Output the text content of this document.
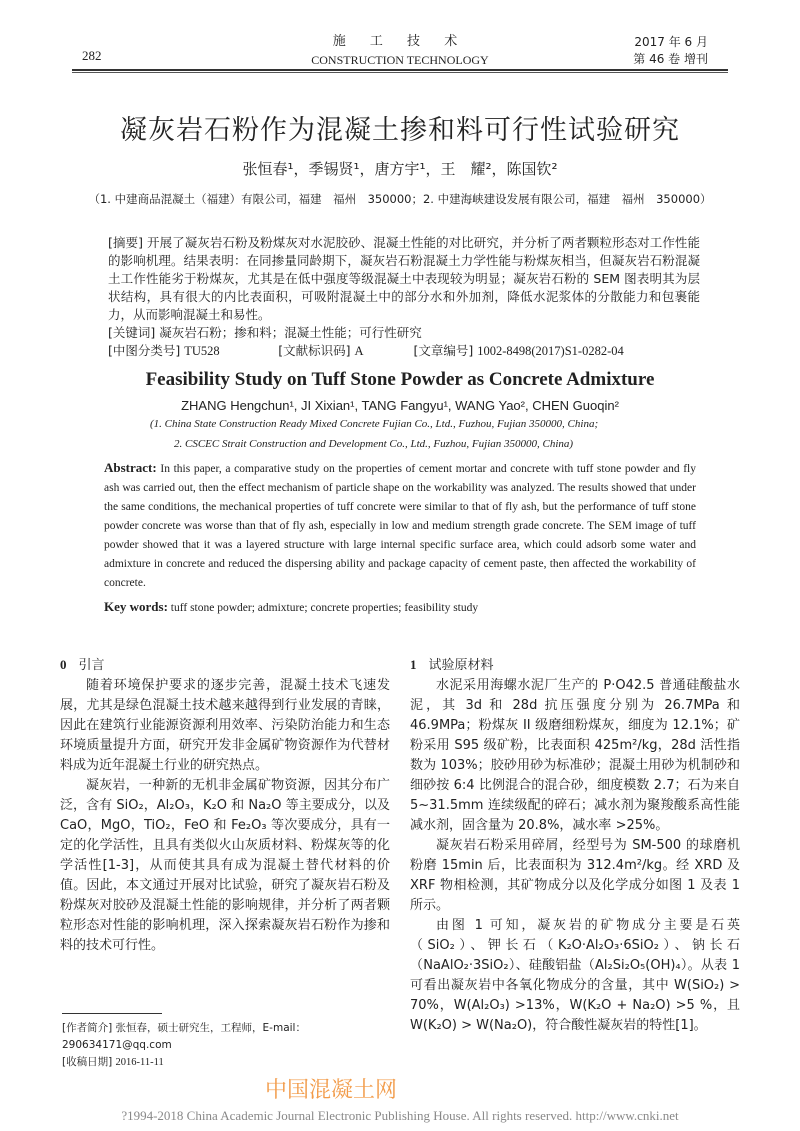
282
施 工 技 术
CONSTRUCTION TECHNOLOGY
2017 年 6 月
第 46 卷 增刊
凝灰岩石粉作为混凝土掺和料可行性试验研究
张恒春¹，季锡贤¹，唐方宇¹，王　耀²，陈国钦²
（1. 中建商品混凝土（福建）有限公司，福建　福州　350000；2. 中建海峡建设发展有限公司，福建　福州　350000）
[摘要] 开展了凝灰岩石粉及粉煤灰对水泥胶砂、混凝土性能的对比研究，并分析了两者颗粒形态对工作性能的影响机理。结果表明：在同掺量同龄期下，凝灰岩石粉混凝土力学性能与粉煤灰相当，但凝灰岩石粉混凝土工作性能劣于粉煤灰，尤其是在低中强度等级混凝土中表现较为明显；凝灰岩石粉的 SEM 图表明其为层状结构，具有很大的内比表面积，可吸附混凝土中的部分水和外加剂，降低水泥浆体的分散能力和包裹能力，从而影响混凝土和易性。
[关键词] 凝灰岩石粉；掺和料；混凝土性能；可行性研究
[中图分类号] TU528	[文献标识码] A	[文章编号] 1002-8498(2017)S1-0282-04
Feasibility Study on Tuff Stone Powder as Concrete Admixture
ZHANG Hengchun¹, JI Xixian¹, TANG Fangyu¹, WANG Yao², CHEN Guoqin²
(1. China State Construction Ready Mixed Concrete Fujian Co., Ltd., Fuzhou, Fujian 350000, China;
2. CSCEC Strait Construction and Development Co., Ltd., Fuzhou, Fujian 350000, China)
Abstract: In this paper, a comparative study on the properties of cement mortar and concrete with tuff stone powder and fly ash was carried out, then the effect mechanism of particle shape on the workability was analyzed. The results showed that under the same conditions, the mechanical properties of tuff concrete were similar to that of fly ash, but the performance of tuff stone powder concrete was worse than that of fly ash, especially in low and medium strength grade concrete. The SEM image of tuff powder showed that it was a layered structure with large internal specific surface area, which could adsorb some water and admixture in concrete and reduced the dispersing ability and package capacity of cement paste, then affected the workability of concrete.
Key words: tuff stone powder; admixture; concrete properties; feasibility study
0 引言

随着环境保护要求的逐步完善，混凝土技术飞速发展，尤其是绿色混凝土技术越来越得到行业发展的青睐，因此在建筑行业能源资源利用效率、污染防治能力和生态环境质量提升方面，研究开发非金属矿物资源作为代替材料成为近年混凝土行业的研究热点。

凝灰岩，一种新的无机非金属矿物资源，因其分布广泛，含有 SiO₂，Al₂O₃，K₂O 和 Na₂O 等主要成分，以及 CaO，MgO，TiO₂，FeO 和 Fe₂O₃ 等次要成分，具有一定的化学活性，且具有类似火山灰质材料、粉煤灰等的化学活性[1-3]，从而使其具有成为混凝土替代材料的价值。因此，本文通过开展对比试验，研究了凝灰岩石粉及粉煤灰对胶砂及混凝土性能的影响规律，并分析了两者颗粒形态对性能的影响机理，深入探索凝灰岩石粉作为掺和料的技术可行性。

1 试验原材料

水泥采用海螺水泥厂生产的 P·O42.5 普通硅酸盐水泥，其 3d 和 28d 抗压强度分别为 26.7MPa 和 46.9MPa；粉煤灰 II 级磨细粉煤灰，细度为 12.1%；矿粉采用 S95 级矿粉，比表面积 425m²/kg，28d 活性指数为 103%；胶砂用砂为标准砂；混凝土用砂为机制砂和细砂按 6:4 比例混合的混合砂，细度模数 2.7；石为来自 5~31.5mm 连续级配的碎石；减水剂为聚羧酸系高性能减水剂，固含量为 20.8%，减水率 >25%。

凝灰岩石粉采用碎屑，经型号为 SM-500 的球磨机粉磨 15min 后，比表面积为 312.4m²/kg。经 XRD 及 XRF 物相检测，其矿物成分以及化学成分如图 1 及表 1 所示。

由图 1 可知，凝灰岩的矿物成分主要是石英（SiO₂）、钾长石（K₂O·Al₂O₃·6SiO₂）、钠长石（NaAlO₂·3SiO₂）、硅酸铝盐（Al₂Si₂O₅(OH)₄）。从表 1 可看出凝灰岩中各氧化物成分的含量，其中 W(SiO₂) > 70%，W(Al₂O₃) >13%，W(K₂O + Na₂O) >5 %，且 W(K₂O) > W(Na₂O)，符合酸性凝灰岩的特性[1]。

[作者简介] 张恒春，硕士研究生，工程师，E-mail：290634171@qq.com
[收稿日期] 2016-11-11
中国混凝土网
?1994-2018 China Academic Journal Electronic Publishing House. All rights reserved. http://www.cnki.net
